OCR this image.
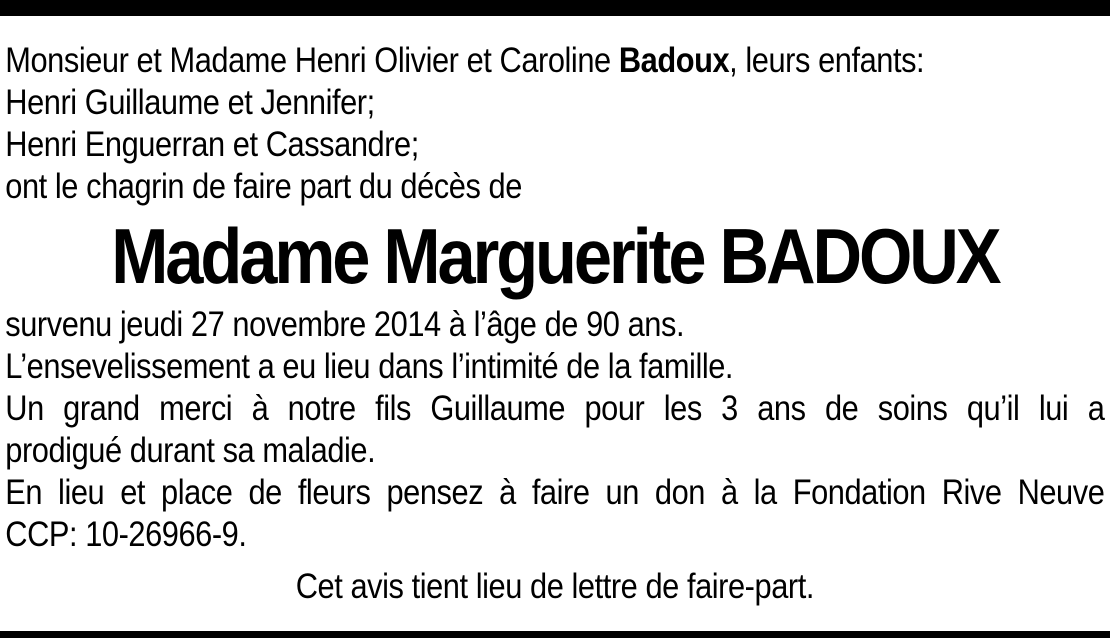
Monsieur et Madame Henri Olivier et Caroline Badoux, leurs enfants:
Henri Guillaume et Jennifer;
Henri Enguerran et Cassandre;
ont le chagrin de faire part du décès de
Madame Marguerite BADOUX
survenu jeudi 27 novembre 2014 à l’âge de 90 ans.
L’ensevelissement a eu lieu dans l’intimité de la famille.
Un grand merci à notre fils Guillaume pour les 3 ans de soins qu’il lui a
prodigué durant sa maladie.
En lieu et place de fleurs pensez à faire un don à la Fondation Rive Neuve
CCP: 10-26966-9.
Cet avis tient lieu de lettre de faire-part.
